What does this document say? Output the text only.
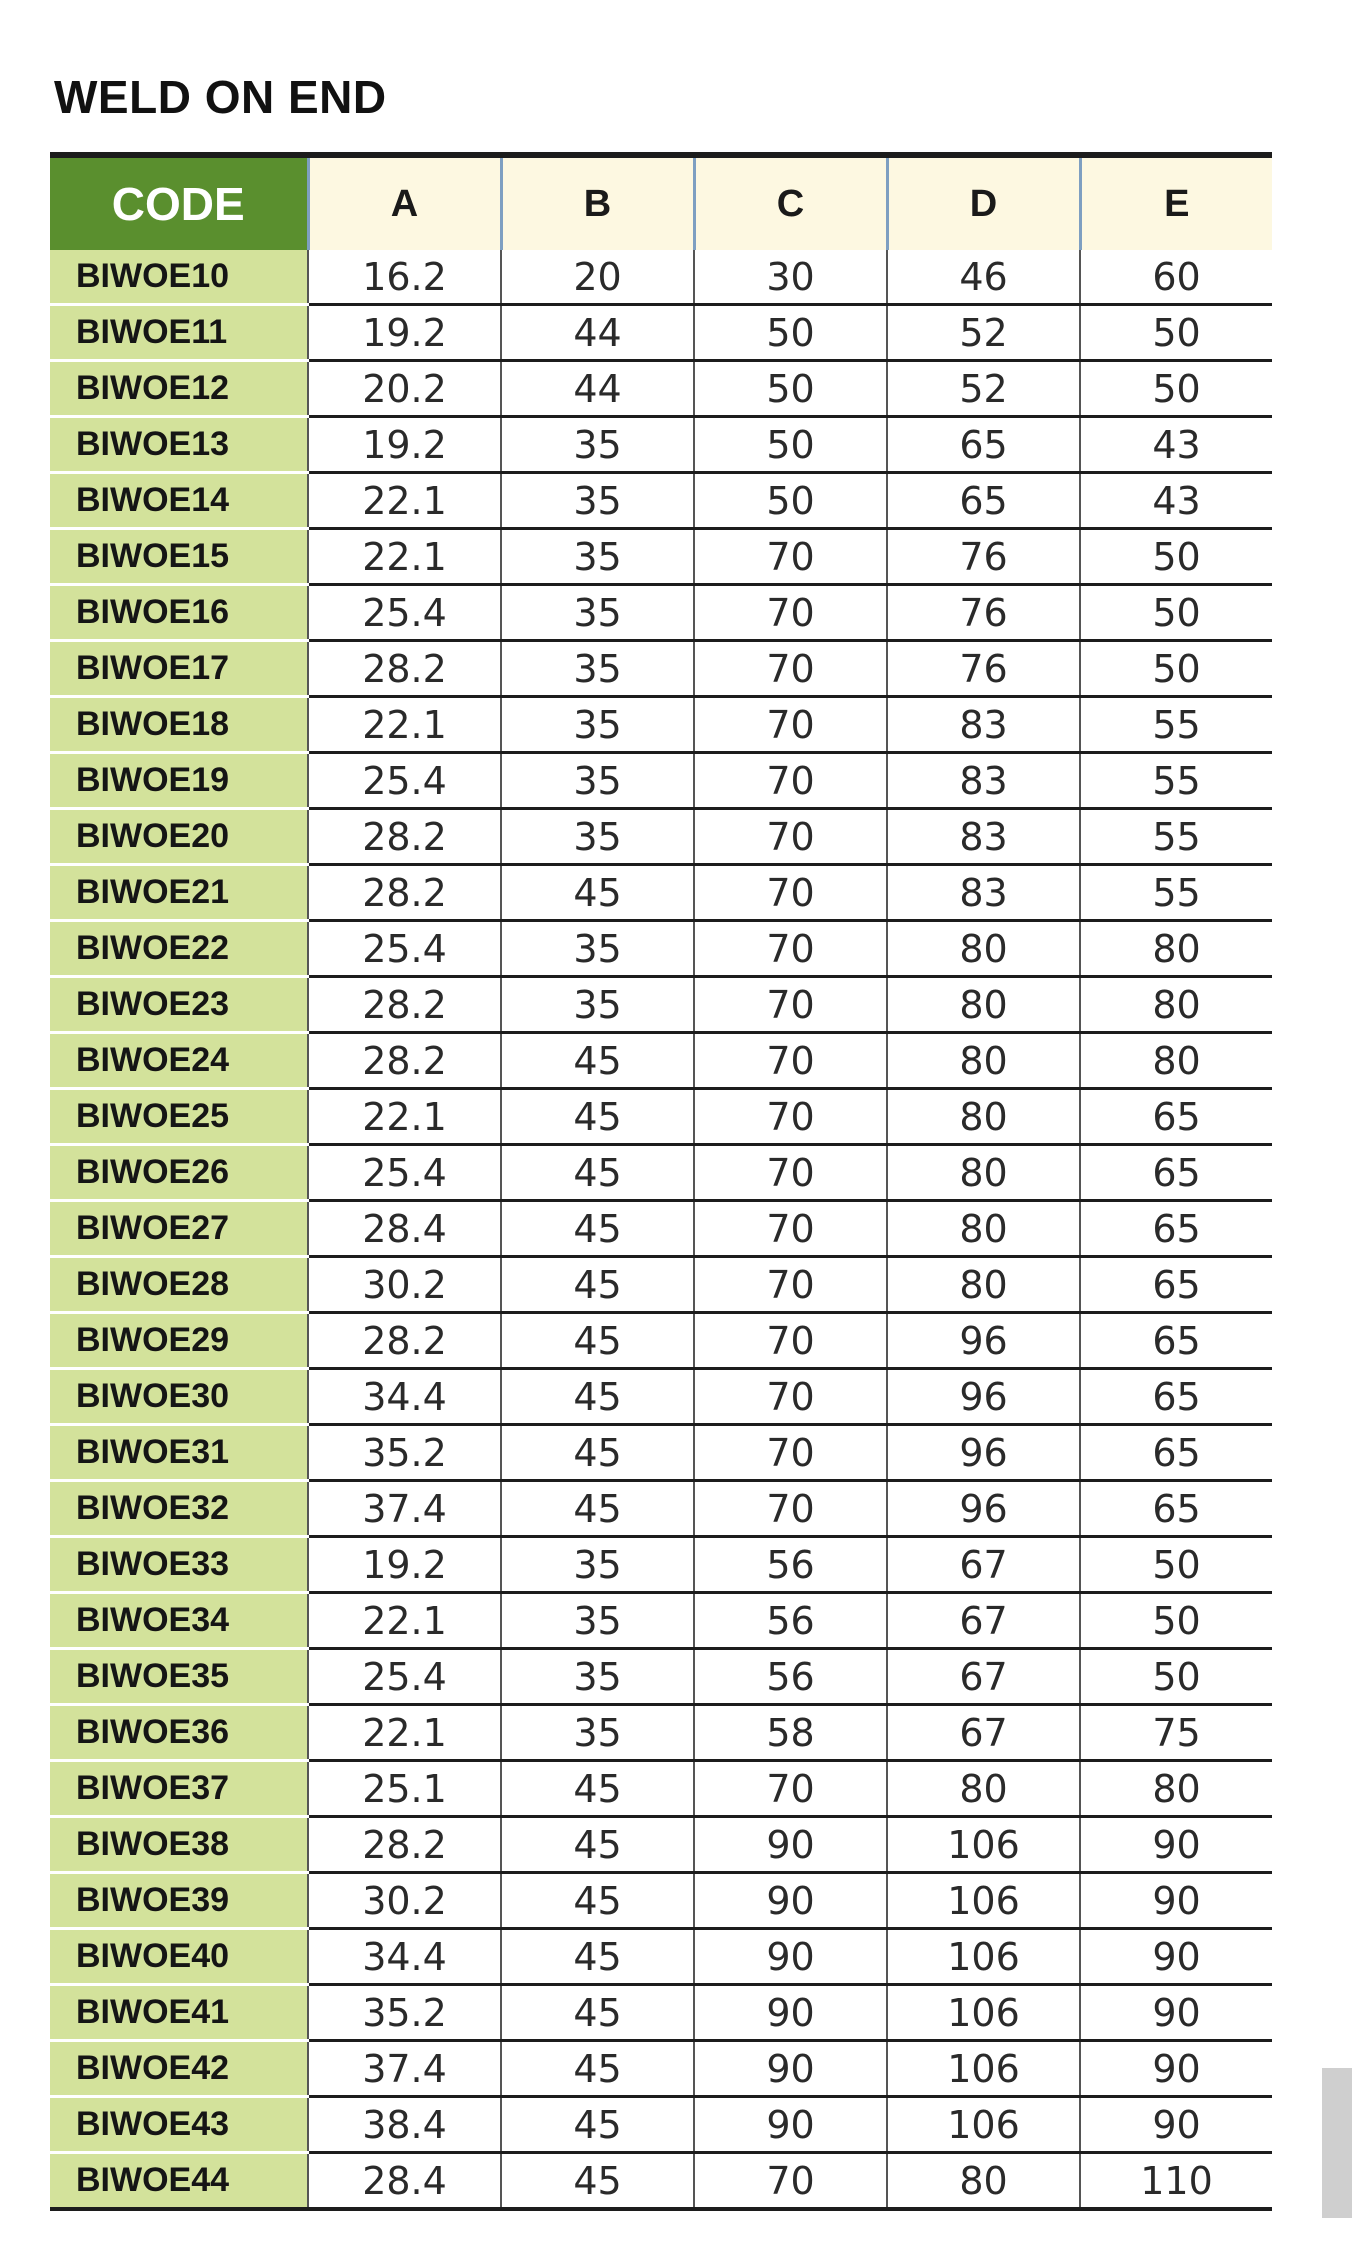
WELD ON END
CODE	A	B	C	D	E
BIWOE10	16.2	20	30	46	60
BIWOE11	19.2	44	50	52	50
BIWOE12	20.2	44	50	52	50
BIWOE13	19.2	35	50	65	43
BIWOE14	22.1	35	50	65	43
BIWOE15	22.1	35	70	76	50
BIWOE16	25.4	35	70	76	50
BIWOE17	28.2	35	70	76	50
BIWOE18	22.1	35	70	83	55
BIWOE19	25.4	35	70	83	55
BIWOE20	28.2	35	70	83	55
BIWOE21	28.2	45	70	83	55
BIWOE22	25.4	35	70	80	80
BIWOE23	28.2	35	70	80	80
BIWOE24	28.2	45	70	80	80
BIWOE25	22.1	45	70	80	65
BIWOE26	25.4	45	70	80	65
BIWOE27	28.4	45	70	80	65
BIWOE28	30.2	45	70	80	65
BIWOE29	28.2	45	70	96	65
BIWOE30	34.4	45	70	96	65
BIWOE31	35.2	45	70	96	65
BIWOE32	37.4	45	70	96	65
BIWOE33	19.2	35	56	67	50
BIWOE34	22.1	35	56	67	50
BIWOE35	25.4	35	56	67	50
BIWOE36	22.1	35	58	67	75
BIWOE37	25.1	45	70	80	80
BIWOE38	28.2	45	90	106	90
BIWOE39	30.2	45	90	106	90
BIWOE40	34.4	45	90	106	90
BIWOE41	35.2	45	90	106	90
BIWOE42	37.4	45	90	106	90
BIWOE43	38.4	45	90	106	90
BIWOE44	28.4	45	70	80	110
